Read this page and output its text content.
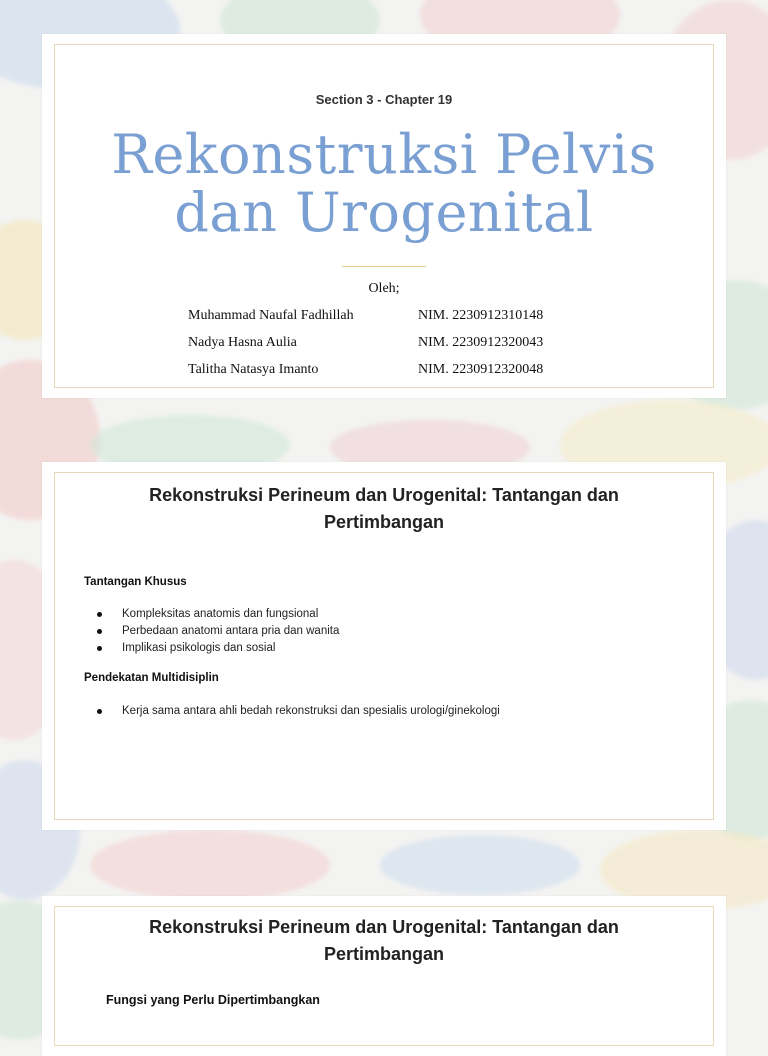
Section 3 - Chapter 19
Rekonstruksi Pelvis
dan Urogenital
Oleh;
Muhammad Naufal Fadhillah	NIM. 2230912310148
Nadya Hasna Aulia	NIM. 2230912320043
Talitha Natasya Imanto	NIM. 2230912320048
Rekonstruksi Perineum dan Urogenital: Tantangan dan
Pertimbangan
Tantangan Khusus
Kompleksitas anatomis dan fungsional
Perbedaan anatomi antara pria dan wanita
Implikasi psikologis dan sosial
Pendekatan Multidisiplin
Kerja sama antara ahli bedah rekonstruksi dan spesialis urologi/ginekologi
Rekonstruksi Perineum dan Urogenital: Tantangan dan
Pertimbangan
Fungsi yang Perlu Dipertimbangkan
